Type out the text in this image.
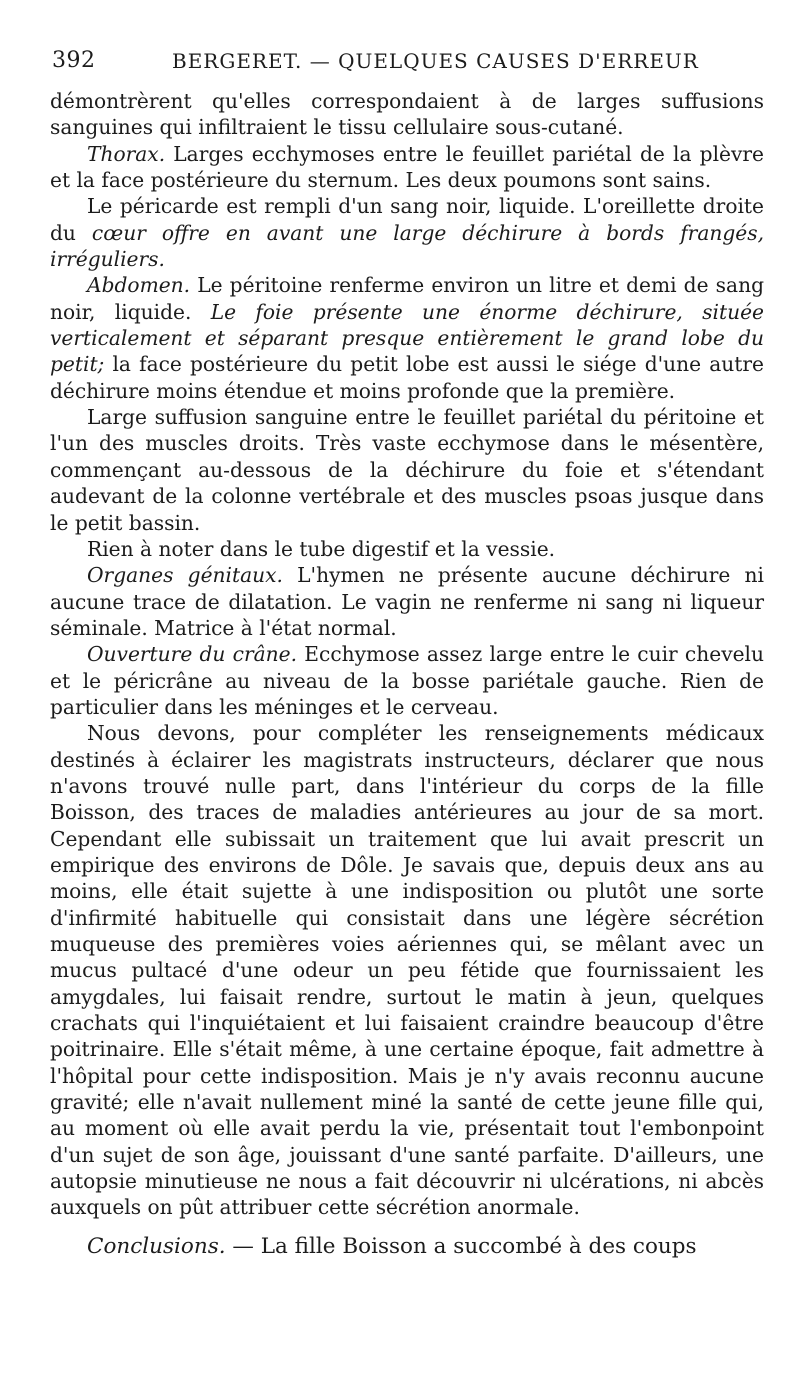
392	BERGERET. — QUELQUES CAUSES D'ERREUR

démontrèrent qu'elles correspondaient à de larges suffusions sanguines qui infiltraient le tissu cellulaire sous-cutané.

Thorax. Larges ecchymoses entre le feuillet pariétal de la plèvre et la face postérieure du sternum. Les deux poumons sont sains.

Le péricarde est rempli d'un sang noir, liquide. L'oreillette droite du cœur offre en avant une large déchirure à bords frangés, irréguliers.

Abdomen. Le péritoine renferme environ un litre et demi de sang noir, liquide. Le foie présente une énorme déchirure, située verticalement et séparant presque entièrement le grand lobe du petit; la face postérieure du petit lobe est aussi le siége d'une autre déchirure moins étendue et moins profonde que la première.

Large suffusion sanguine entre le feuillet pariétal du péritoine et l'un des muscles droits. Très vaste ecchymose dans le mésentère, commençant au-dessous de la déchirure du foie et s'étendant audevant de la colonne vertébrale et des muscles psoas jusque dans le petit bassin.

Rien à noter dans le tube digestif et la vessie.

Organes génitaux. L'hymen ne présente aucune déchirure ni aucune trace de dilatation. Le vagin ne renferme ni sang ni liqueur séminale. Matrice à l'état normal.

Ouverture du crâne. Ecchymose assez large entre le cuir chevelu et le péricrâne au niveau de la bosse pariétale gauche. Rien de particulier dans les méninges et le cerveau.

Nous devons, pour compléter les renseignements médicaux destinés à éclairer les magistrats instructeurs, déclarer que nous n'avons trouvé nulle part, dans l'intérieur du corps de la fille Boisson, des traces de maladies antérieures au jour de sa mort. Cependant elle subissait un traitement que lui avait prescrit un empirique des environs de Dôle. Je savais que, depuis deux ans au moins, elle était sujette à une indisposition ou plutôt une sorte d'infirmité habituelle qui consistait dans une légère sécrétion muqueuse des premières voies aériennes qui, se mêlant avec un mucus pultacé d'une odeur un peu fétide que fournissaient les amygdales, lui faisait rendre, surtout le matin à jeun, quelques crachats qui l'inquiétaient et lui faisaient craindre beaucoup d'être poitrinaire. Elle s'était même, à une certaine époque, fait admettre à l'hôpital pour cette indisposition. Mais je n'y avais reconnu aucune gravité; elle n'avait nullement miné la santé de cette jeune fille qui, au moment où elle avait perdu la vie, présentait tout l'embonpoint d'un sujet de son âge, jouissant d'une santé parfaite. D'ailleurs, une autopsie minutieuse ne nous a fait découvrir ni ulcérations, ni abcès auxquels on pût attribuer cette sécrétion anormale.

Conclusions. — La fille Boisson a succombé à des coups
